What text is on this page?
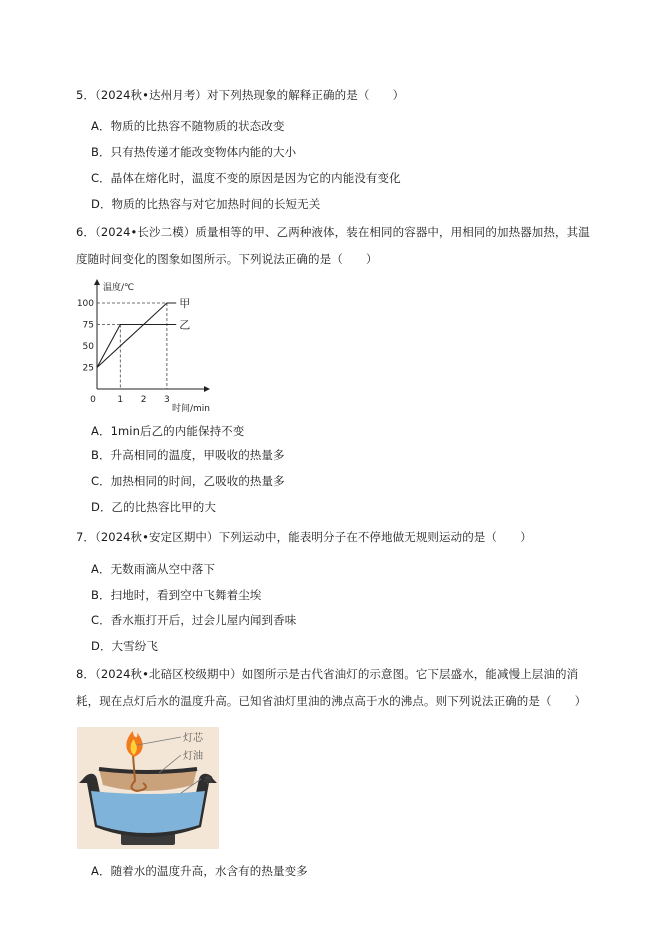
5．（2024秋•达州月考）对下列热现象的解释正确的是（　　）
A．物质的比热容不随物质的状态改变
B．只有热传递才能改变物体内能的大小
C．晶体在熔化时，温度不变的原因是因为它的内能没有变化
D．物质的比热容与对它加热时间的长短无关
6．（2024•长沙二模）质量相等的甲、乙两种液体，装在相同的容器中，用相同的加热器加热，其温
度随时间变化的图象如图所示。下列说法正确的是（　　）
温度/℃
时间/min
100
75
50
25
0 1 2 3
甲
乙
A．1min后乙的内能保持不变
B．升高相同的温度，甲吸收的热量多
C．加热相同的时间，乙吸收的热量多
D．乙的比热容比甲的大
7．（2024秋•安定区期中）下列运动中，能表明分子在不停地做无规则运动的是（　　）
A．无数雨滴从空中落下
B．扫地时，看到空中飞舞着尘埃
C．香水瓶打开后，过会儿屋内闻到香味
D．大雪纷飞
8．（2024秋•北碚区校级期中）如图所示是古代省油灯的示意图。它下层盛水，能减慢上层油的消
耗，现在点灯后水的温度升高。已知省油灯里油的沸点高于水的沸点。则下列说法正确的是（　　）
灯芯
灯油
水
A．随着水的温度升高，水含有的热量变多
